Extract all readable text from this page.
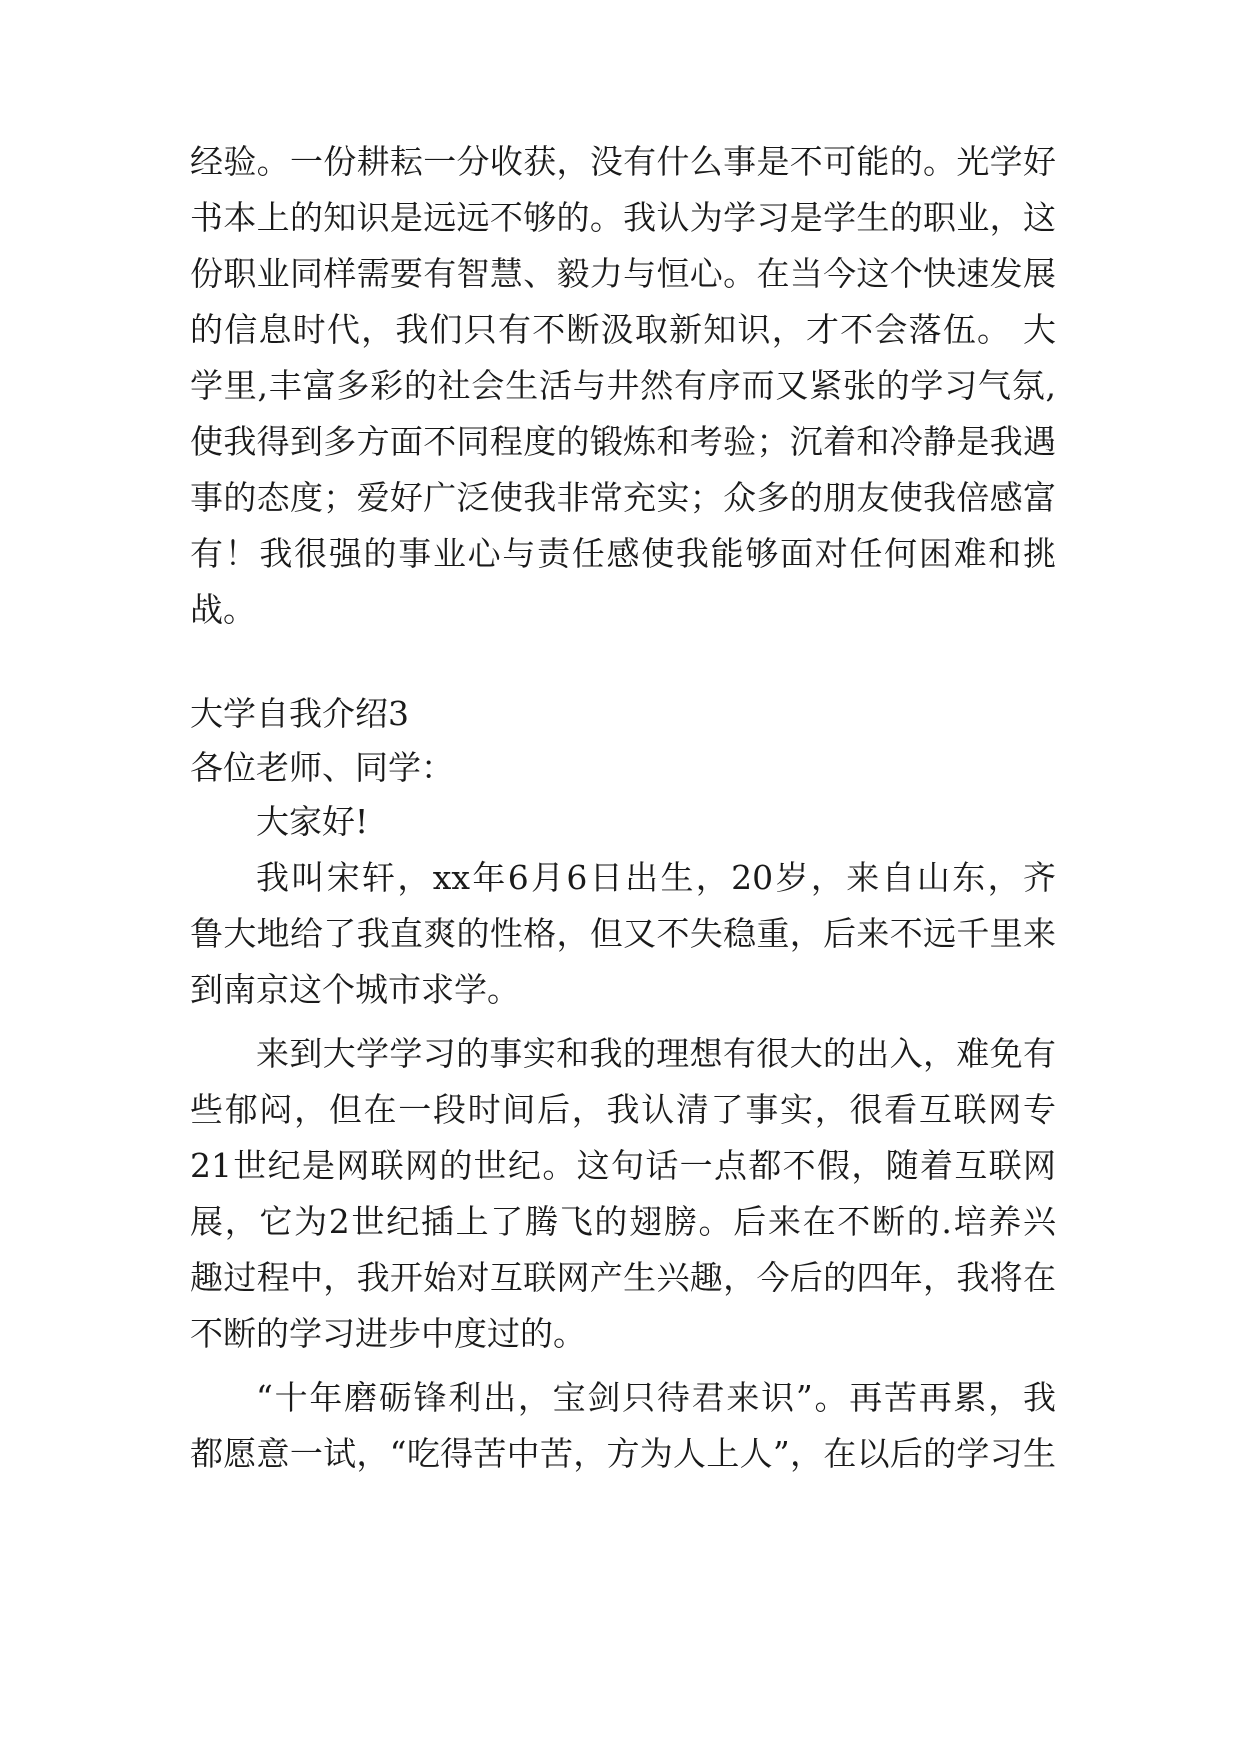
经验。一份耕耘一分收获，没有什么事是不可能的。光学好
书本上的知识是远远不够的。我认为学习是学生的职业，这
份职业同样需要有智慧、毅力与恒心。在当今这个快速发展
的信息时代，我们只有不断汲取新知识，才不会落伍。 大
学里,丰富多彩的社会生活与井然有序而又紧张的学习气氛,
使我得到多方面不同程度的锻炼和考验；沉着和冷静是我遇
事的态度；爱好广泛使我非常充实；众多的朋友使我倍感富
有！我很强的事业心与责任感使我能够面对任何困难和挑
战。
大学自我介绍3
各位老师、同学：
大家好!
我叫宋轩，xx年6月6日出生，20岁，来自山东，齐
鲁大地给了我直爽的性格，但又不失稳重，后来不远千里来
到南京这个城市求学。
来到大学学习的事实和我的理想有很大的出入，难免有
些郁闷，但在一段时间后，我认清了事实，很看互联网专
21世纪是网联网的世纪。这句话一点都不假，随着互联网
展，它为2世纪插上了腾飞的翅膀。后来在不断的.培养兴
趣过程中，我开始对互联网产生兴趣，今后的四年，我将在
不断的学习进步中度过的。
“十年磨砺锋利出，宝剑只待君来识”。再苦再累，我
都愿意一试，“吃得苦中苦，方为人上人”，在以后的学习生
